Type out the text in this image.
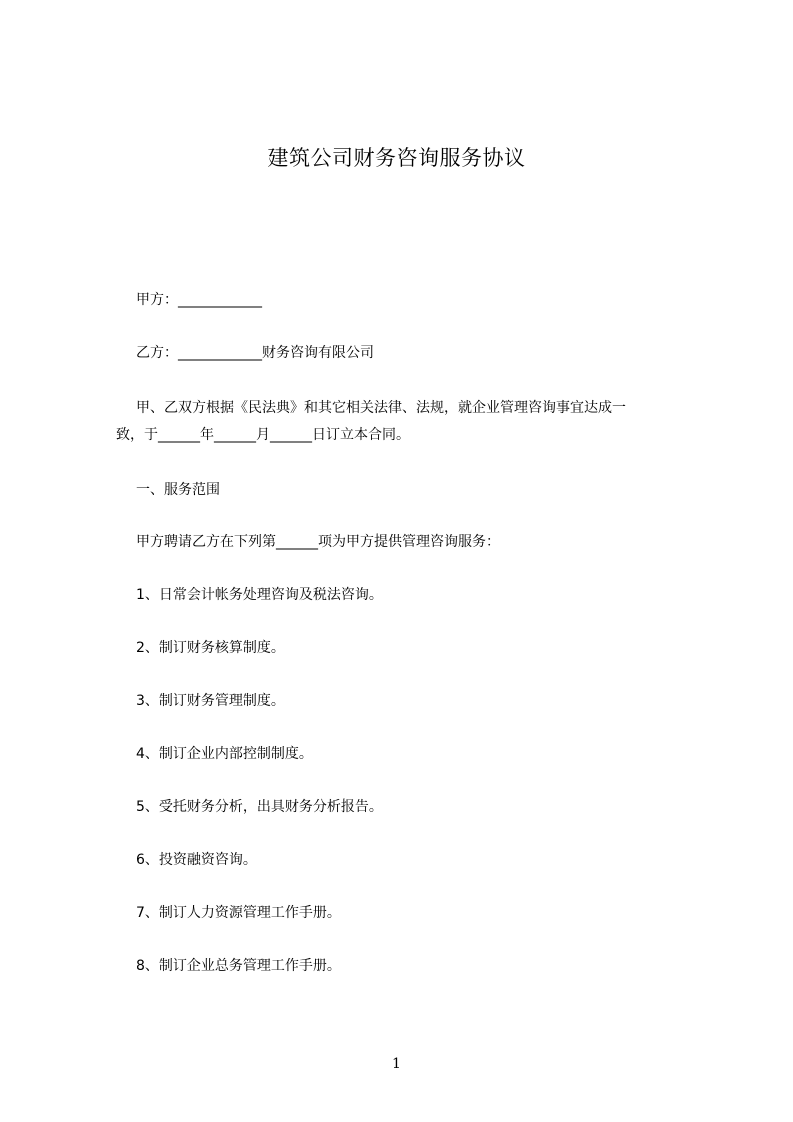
建筑公司财务咨询服务协议
甲方：____________
乙方：____________财务咨询有限公司
甲、乙双方根据《民法典》和其它相关法律、法规，就企业管理咨询事宜达成一
致，于______年______月______日订立本合同。
一、服务范围
甲方聘请乙方在下列第______项为甲方提供管理咨询服务：
1、日常会计帐务处理咨询及税法咨询。
2、制订财务核算制度。
3、制订财务管理制度。
4、制订企业内部控制制度。
5、受托财务分析，出具财务分析报告。
6、投资融资咨询。
7、制订人力资源管理工作手册。
8、制订企业总务管理工作手册。
1
